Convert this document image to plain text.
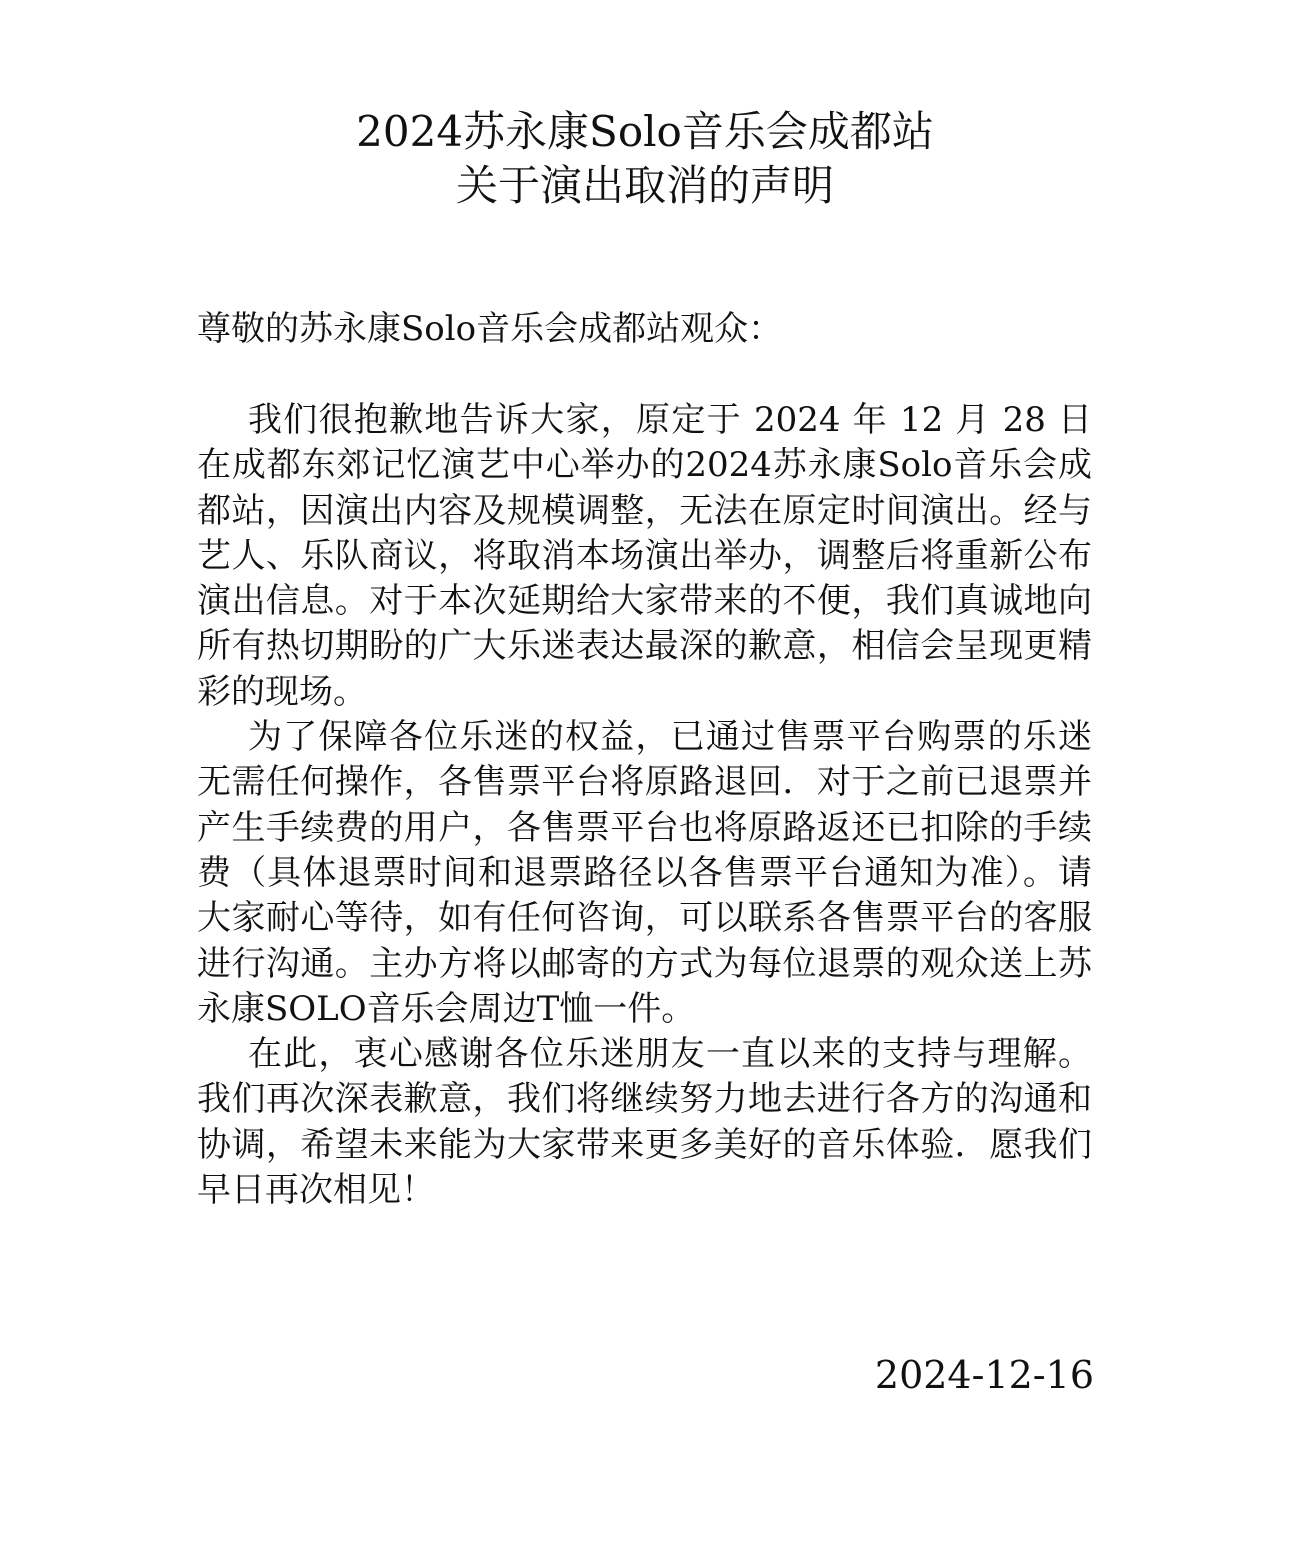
2024苏永康Solo音乐会成都站
关于演出取消的声明

尊敬的苏永康Solo音乐会成都站观众：

我们很抱歉地告诉大家，原定于 2024 年 12 月 28 日在成都东郊记忆演艺中心举办的2024苏永康Solo音乐会成都站，因演出内容及规模调整，无法在原定时间演出。经与艺人、乐队商议，将取消本场演出举办，调整后将重新公布演出信息。对于本次延期给大家带来的不便，我们真诚地向所有热切期盼的广大乐迷表达最深的歉意，相信会呈现更精彩的现场。

为了保障各位乐迷的权益，已通过售票平台购票的乐迷无需任何操作，各售票平台将原路退回．对于之前已退票并产生手续费的用户，各售票平台也将原路返还已扣除的手续费（具体退票时间和退票路径以各售票平台通知为准）。请大家耐心等待，如有任何咨询，可以联系各售票平台的客服进行沟通。主办方将以邮寄的方式为每位退票的观众送上苏永康SOLO音乐会周边T恤一件。

在此，衷心感谢各位乐迷朋友一直以来的支持与理解。我们再次深表歉意，我们将继续努力地去进行各方的沟通和协调，希望未来能为大家带来更多美好的音乐体验．愿我们早日再次相见！

2024-12-16
